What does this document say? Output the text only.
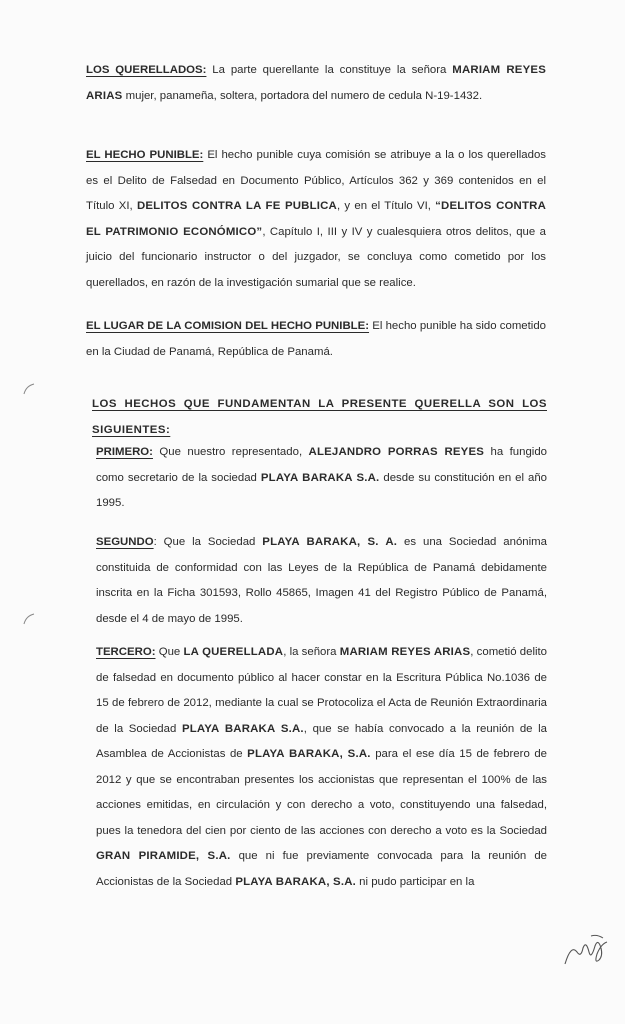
LOS QUERELLADOS: La parte querellante la constituye la señora MARIAM REYES ARIAS mujer, panameña, soltera, portadora del numero de cedula N-19-1432.

EL HECHO PUNIBLE: El hecho punible cuya comisión se atribuye a la o los querellados es el Delito de Falsedad en Documento Público, Artículos 362 y 369 contenidos en el Título XI, DELITOS CONTRA LA FE PUBLICA, y en el Título VI, “DELITOS CONTRA EL PATRIMONIO ECONÓMICO”, Capítulo I, III y IV y cualesquiera otros delitos, que a juicio del funcionario instructor o del juzgador, se concluya como cometido por los querellados, en razón de la investigación sumarial que se realice.

EL LUGAR DE LA COMISION DEL HECHO PUNIBLE: El hecho punible ha sido cometido en la Ciudad de Panamá, República de Panamá.

LOS HECHOS QUE FUNDAMENTAN LA PRESENTE QUERELLA SON LOS SIGUIENTES:

PRIMERO: Que nuestro representado, ALEJANDRO PORRAS REYES ha fungido como secretario de la sociedad PLAYA BARAKA S.A. desde su constitución en el año 1995.

SEGUNDO: Que la Sociedad PLAYA BARAKA, S. A. es una Sociedad anónima constituida de conformidad con las Leyes de la República de Panamá debidamente inscrita en la Ficha 301593, Rollo 45865, Imagen 41 del Registro Público de Panamá, desde el 4 de mayo de 1995.

TERCERO: Que LA QUERELLADA, la señora MARIAM REYES ARIAS, cometió delito de falsedad en documento público al hacer constar en la Escritura Pública No.1036 de 15 de febrero de 2012, mediante la cual se Protocoliza el Acta de Reunión Extraordinaria de la Sociedad PLAYA BARAKA S.A., que se había convocado a la reunión de la Asamblea de Accionistas de PLAYA BARAKA, S.A. para el ese día 15 de febrero de 2012 y que se encontraban presentes los accionistas que representan el 100% de las acciones emitidas, en circulación y con derecho a voto, constituyendo una falsedad, pues la tenedora del cien por ciento de las acciones con derecho a voto es la Sociedad GRAN PIRAMIDE, S.A. que ni fue previamente convocada para la reunión de Accionistas de la Sociedad PLAYA BARAKA, S.A. ni pudo participar en la
